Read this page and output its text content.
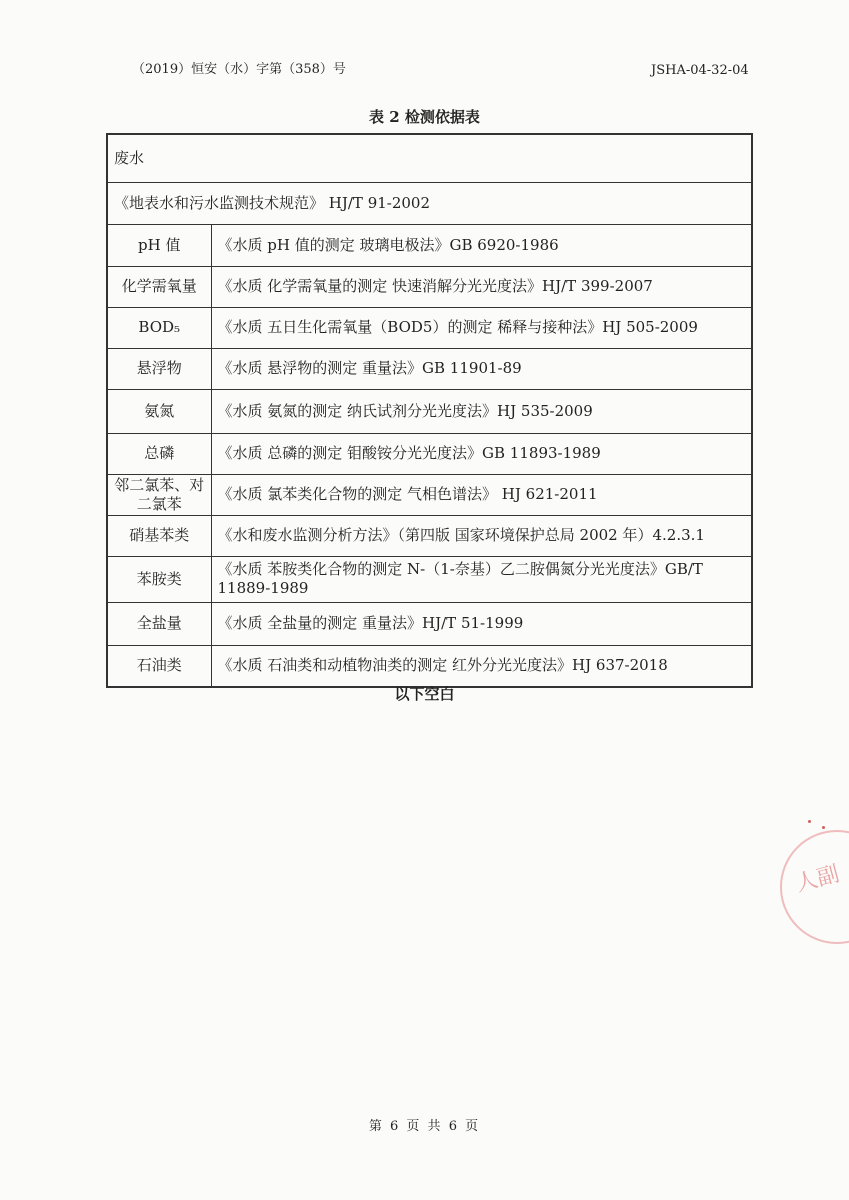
（2019）恒安（水）字第（358）号	JSHA-04-32-04
表 2 检测依据表
废水	
《地表水和污水监测技术规范》 HJ/T 91-2002	
pH 值	《水质 pH 值的测定 玻璃电极法》GB 6920-1986
化学需氧量	《水质 化学需氧量的测定 快速消解分光光度法》HJ/T 399-2007
BOD₅	《水质 五日生化需氧量（BOD5）的测定 稀释与接种法》HJ 505-2009
悬浮物	《水质 悬浮物的测定 重量法》GB 11901-89
氨氮	《水质 氨氮的测定 纳氏试剂分光光度法》HJ 535-2009
总磷	《水质 总磷的测定 钼酸铵分光光度法》GB 11893-1989
邻二氯苯、对二氯苯	《水质 氯苯类化合物的测定 气相色谱法》 HJ 621-2011
硝基苯类	《水和废水监测分析方法》（第四版 国家环境保护总局 2002 年）4.2.3.1
苯胺类	《水质 苯胺类化合物的测定 N-（1-奈基）乙二胺偶氮分光光度法》GB/T 11889-1989
全盐量	《水质 全盐量的测定 重量法》HJ/T 51-1999
石油类	《水质 石油类和动植物油类的测定 红外分光光度法》HJ 637-2018
以下空白
人副
第 6 页 共 6 页
